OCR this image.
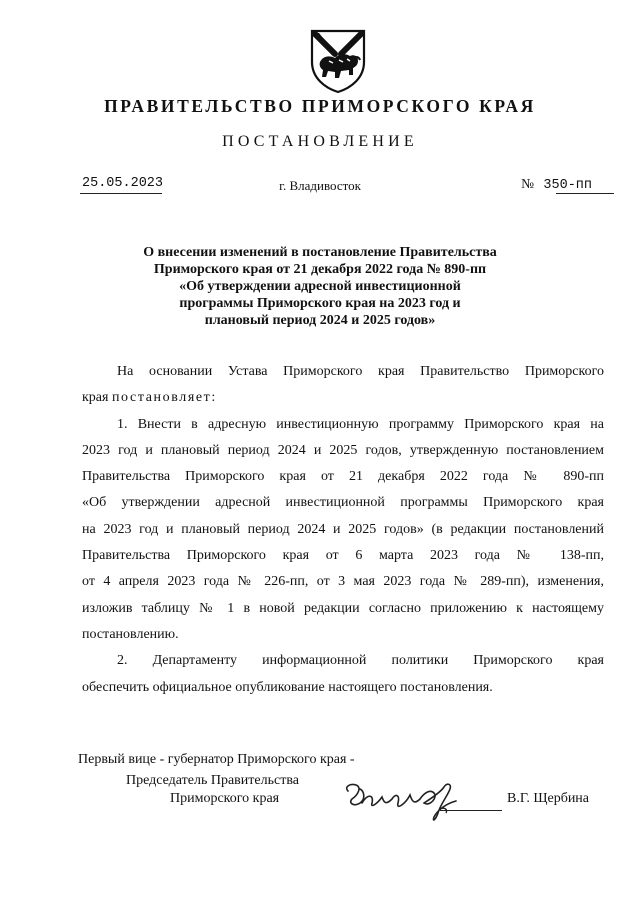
ПРАВИТЕЛЬСТВО ПРИМОРСКОГО КРАЯ
ПОСТАНОВЛЕНИЕ
25.05.2023	г. Владивосток	№ 350-пп
О внесении изменений в постановление Правительства
Приморского края от 21 декабря 2022 года № 890-пп
«Об утверждении адресной инвестиционной
программы Приморского края на 2023 год и
плановый период 2024 и 2025 годов»
На основании Устава Приморского края Правительство Приморского
края постановляет:
1. Внести в адресную инвестиционную программу Приморского края на
2023 год и плановый период 2024 и 2025 годов, утвержденную постановлением
Правительства Приморского края от 21 декабря 2022 года № 890-пп
«Об утверждении адресной инвестиционной программы Приморского края
на 2023 год и плановый период 2024 и 2025 годов» (в редакции постановлений
Правительства Приморского края от 6 марта 2023 года № 138-пп,
от 4 апреля 2023 года № 226-пп, от 3 мая 2023 года № 289-пп), изменения,
изложив таблицу № 1 в новой редакции согласно приложению к настоящему
постановлению.
2. Департаменту информационной политики Приморского края
обеспечить официальное опубликование настоящего постановления.
Первый вице - губернатор Приморского края -
Председатель Правительства
Приморского края	В.Г. Щербина
